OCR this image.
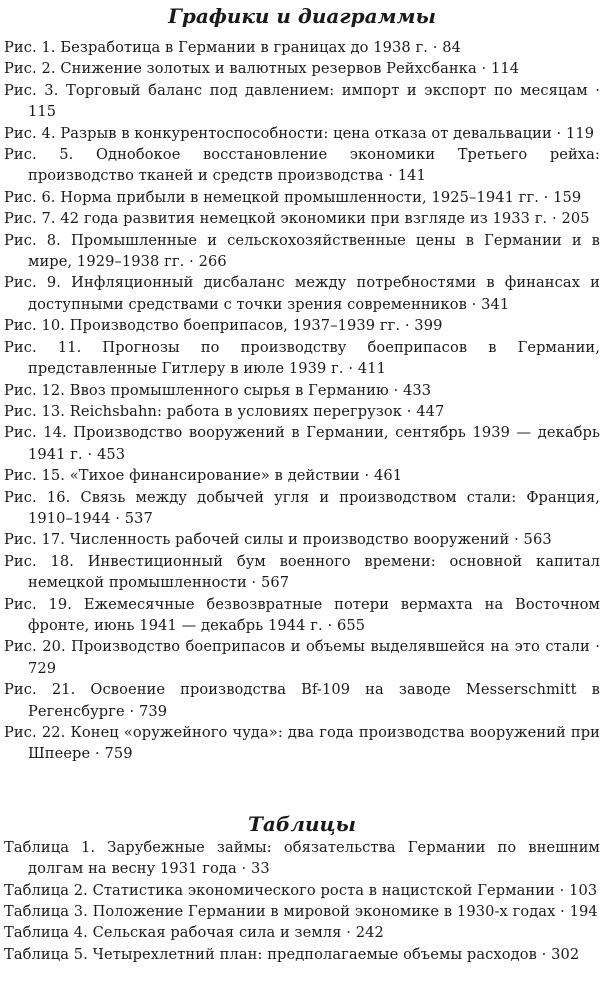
Графики и диаграммы
Рис. 1. Безработица в Германии в границах до 1938 г. · 84
Рис. 2. Снижение золотых и валютных резервов Рейхсбанка · 114
Рис. 3. Торговый баланс под давлением: импорт и экспорт по месяцам · 115
Рис. 4. Разрыв в конкурентоспособности: цена отказа от девальвации · 119
Рис. 5. Однобокое восстановление экономики Третьего рейха: производство тканей и средств производства · 141
Рис. 6. Норма прибыли в немецкой промышленности, 1925–1941 гг. · 159
Рис. 7. 42 года развития немецкой экономики при взгляде из 1933 г. · 205
Рис. 8. Промышленные и сельскохозяйственные цены в Германии и в мире, 1929–1938 гг. · 266
Рис. 9. Инфляционный дисбаланс между потребностями в финансах и доступными средствами с точки зрения современников · 341
Рис. 10. Производство боеприпасов, 1937–1939 гг. · 399
Рис. 11. Прогнозы по производству боеприпасов в Германии, представленные Гитлеру в июле 1939 г. · 411
Рис. 12. Ввоз промышленного сырья в Германию · 433
Рис. 13. Reichsbahn: работа в условиях перегрузок · 447
Рис. 14. Производство вооружений в Германии, сентябрь 1939 — декабрь 1941 г. · 453
Рис. 15. «Тихое финансирование» в действии · 461
Рис. 16. Связь между добычей угля и производством стали: Франция, 1910–1944 · 537
Рис. 17. Численность рабочей силы и производство вооружений · 563
Рис. 18. Инвестиционный бум военного времени: основной капитал немецкой промышленности · 567
Рис. 19. Ежемесячные безвозвратные потери вермахта на Восточном фронте, июнь 1941 — декабрь 1944 г. · 655
Рис. 20. Производство боеприпасов и объемы выделявшейся на это стали · 729
Рис. 21. Освоение производства Bf-109 на заводе Messerschmitt в Регенсбурге · 739
Рис. 22. Конец «оружейного чуда»: два года производства вооружений при Шпеере · 759
Таблицы
Таблица 1. Зарубежные займы: обязательства Германии по внешним долгам на весну 1931 года · 33
Таблица 2. Статистика экономического роста в нацистской Германии · 103
Таблица 3. Положение Германии в мировой экономике в 1930-х годах · 194
Таблица 4. Сельская рабочая сила и земля · 242
Таблица 5. Четырехлетний план: предполагаемые объемы расходов · 302
